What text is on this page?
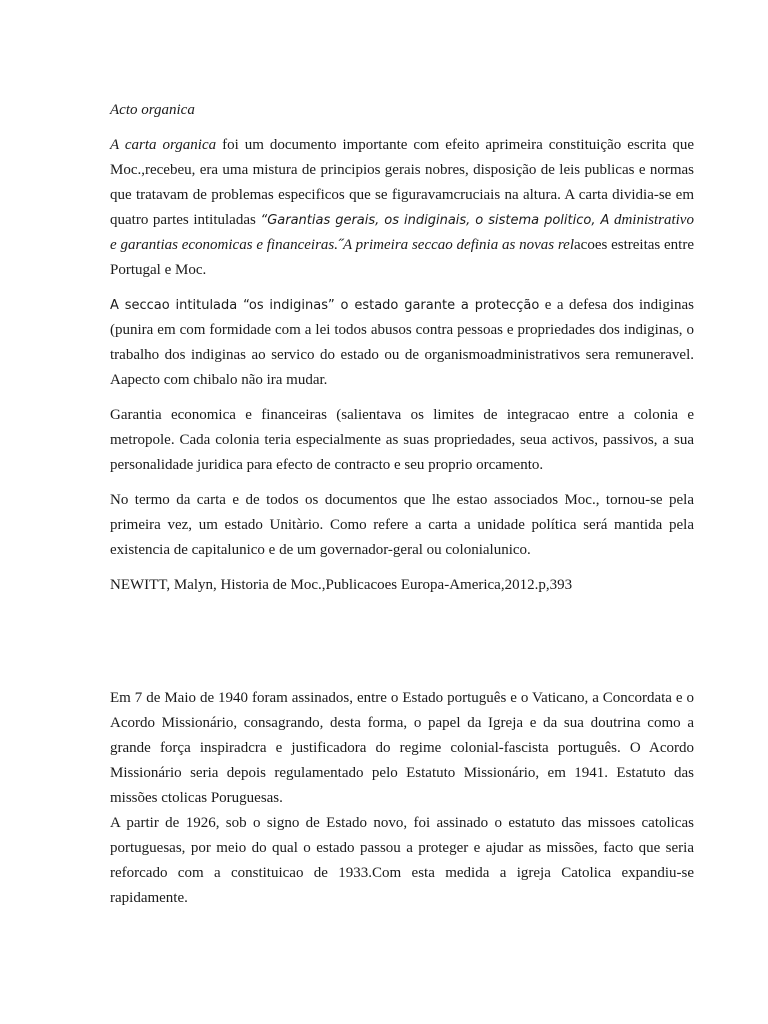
Acto organica

A carta organica foi um documento importante com efeito aprimeira constituição escrita que Moc.,recebeu, era uma mistura de principios gerais nobres, disposição de leis publicas e normas que tratavam de problemas especificos que se figuravamcruciais na altura. A carta dividia-se em quatro partes intituladas “Garantias gerais, os indiginais, o sistema politico, A dministrativo e garantias economicas e financeiras.˝A primeira seccao definia as novas relacoes estreitas entre Portugal e Moc.

A seccao intitulada “os indiginas” o estado garante a protecção e a defesa dos indiginas (punira em com formidade com a lei todos abusos contra pessoas e propriedades dos indiginas, o trabalho dos indiginas ao servico do estado ou de organismoadministrativos sera remuneravel. Aapecto com chibalo não ira mudar.

Garantia economica e financeiras (salientava os limites de integracao entre a colonia e metropole. Cada colonia teria especialmente as suas propriedades, seua activos, passivos, a sua personalidade juridica para efecto de contracto e seu proprio orcamento.

No termo da carta e de todos os documentos que lhe estao associados Moc., tornou-se pela primeira vez, um estado Unitàrio. Como refere a carta a unidade política será mantida pela existencia de capitalunico e de um governador-geral ou colonialunico.

NEWITT, Malyn, Historia de Moc.,Publicacoes Europa-America,2012.p,393

Em 7 de Maio de 1940 foram assinados, entre o Estado português e o Vaticano, a Concordata e o Acordo Missionário, consagrando, desta forma, o papel da Igreja e da sua doutrina como a grande força inspiradcra e justificadora do regime colonial-fascista português. O Acordo Missionário seria depois regulamentado pelo Estatuto Missionário, em 1941. Estatuto das missões ctolicas Poruguesas.

A partir de 1926, sob o signo de Estado novo, foi assinado o estatuto das missoes catolicas portuguesas, por meio do qual o estado passou a proteger e ajudar as missões, facto que seria reforcado com a constituicao de 1933.Com esta medida a igreja Catolica expandiu-se rapidamente.
